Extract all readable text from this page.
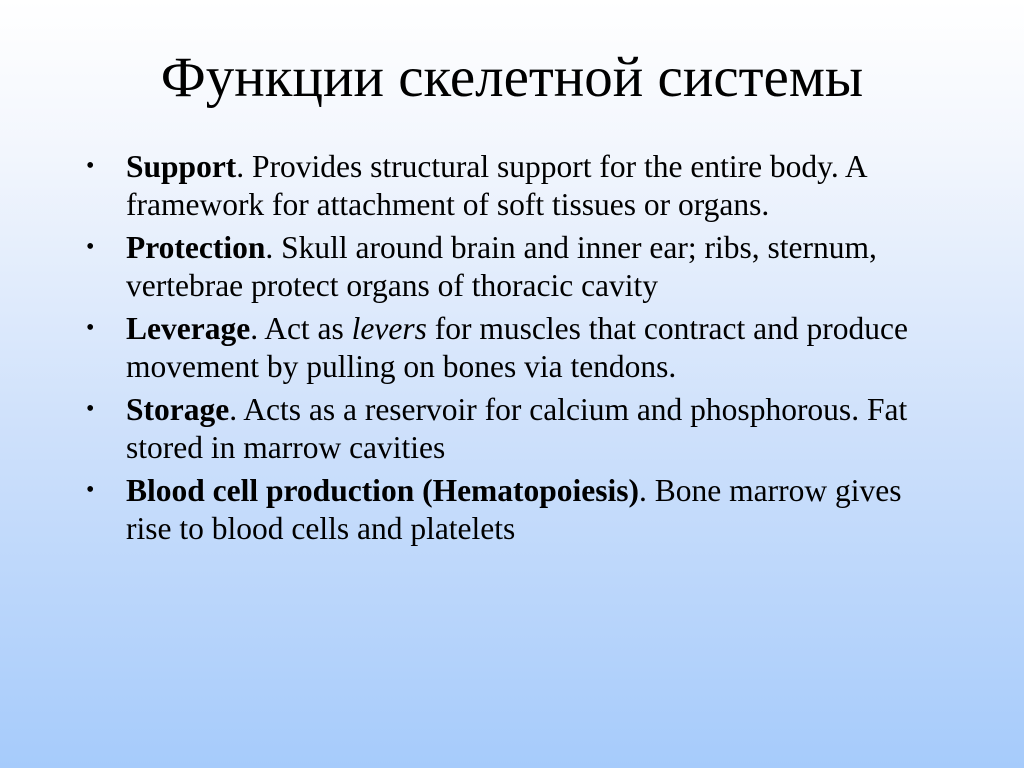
Функции скелетной системы
• Support. Provides structural support for the entire body. A framework for attachment of soft tissues or organs.
• Protection. Skull around brain and inner ear; ribs, sternum, vertebrae protect organs of thoracic cavity
• Leverage. Act as levers for muscles that contract and produce movement by pulling on bones via tendons.
• Storage. Acts as a reservoir for calcium and phosphorous. Fat stored in marrow cavities
• Blood cell production (Hematopoiesis). Bone marrow gives rise to blood cells and platelets
